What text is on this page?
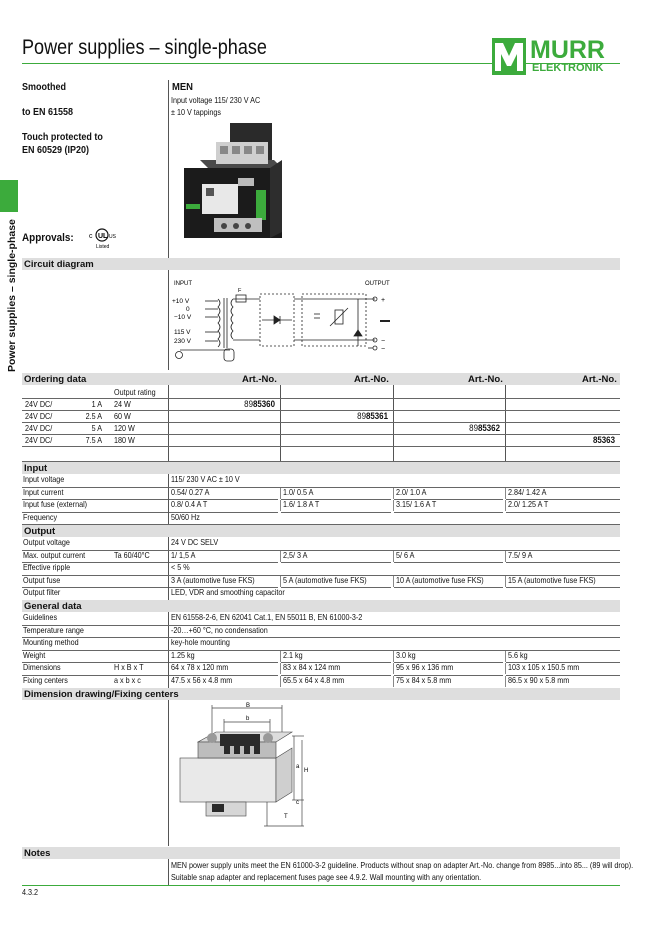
Power supplies – single-phase	MURR
ELEKTRONIK
Power supplies – single-phase
Smoothed
to EN 61558
Touch protected to
EN 60529 (IP20)
Approvals: c UL US
Listed
MEN
Input voltage 115/ 230 V AC
± 10 V tappings
Circuit diagram
INPUT	OUTPUT
+10 V
0
−10 V
115 V
230 V
F
+
−
−
Ordering data	Art.-No.	Art.-No.	Art.-No.	Art.-No.
Output rating
24V DC/	1 A 24 W	8985360
24V DC/	2.5 A 60 W	8985361
24V DC/	5 A 120 W	8985362
24V DC/	7.5 A 180 W	85363
Input
Input voltage	115/ 230 V AC ± 10 V
Input current	0.54/ 0.27 A	1.0/ 0.5 A	2.0/ 1.0 A	2.84/ 1.42 A
Input fuse (external)	0.8/ 0.4 A T	1.6/ 1.8 A T	3.15/ 1.6 A T	2.0/ 1.25 A T
Frequency	50/60 Hz
Output
Output voltage	24 V DC SELV
Max. output current	Ta 60/40°C	1/ 1,5 A	2,5/ 3 A	5/ 6 A	7.5/ 9 A
Effective ripple	< 5 %
Output fuse	3 A (automotive fuse FKS)	5 A (automotive fuse FKS)	10 A (automotive fuse FKS)	15 A (automotive fuse FKS)
Output filter	LED, VDR and smoothing capacitor
General data
Guidelines	EN 61558-2-6, EN 62041 Cat.1, EN 55011 B, EN 61000-3-2
Temperature range	-20…+60 °C, no condensation
Mounting method	key-hole mounting
Weight	1.25 kg	2.1 kg	3.0 kg	5.6 kg
Dimensions	H x B x T	64 x 78 x 120 mm	83 x 84 x 124 mm	95 x 96 x 136 mm	103 x 105 x 150.5 mm
Fixing centers	a x b x c	47.5 x 56 x 4.8 mm	65.5 x 64 x 4.8 mm	75 x 84 x 5.8 mm	86.5 x 90 x 5.8 mm
Dimension drawing/Fixing centers
B
b
a
H
c
T
Notes
MEN power supply units meet the EN 61000-3-2 guideline. Products without snap on adapter Art.-No. change from 8985...into 85... (89 will drop).
Suitable snap adapter and replacement fuses page see 4.9.2. Wall mounting with any orientation.
4.3.2
